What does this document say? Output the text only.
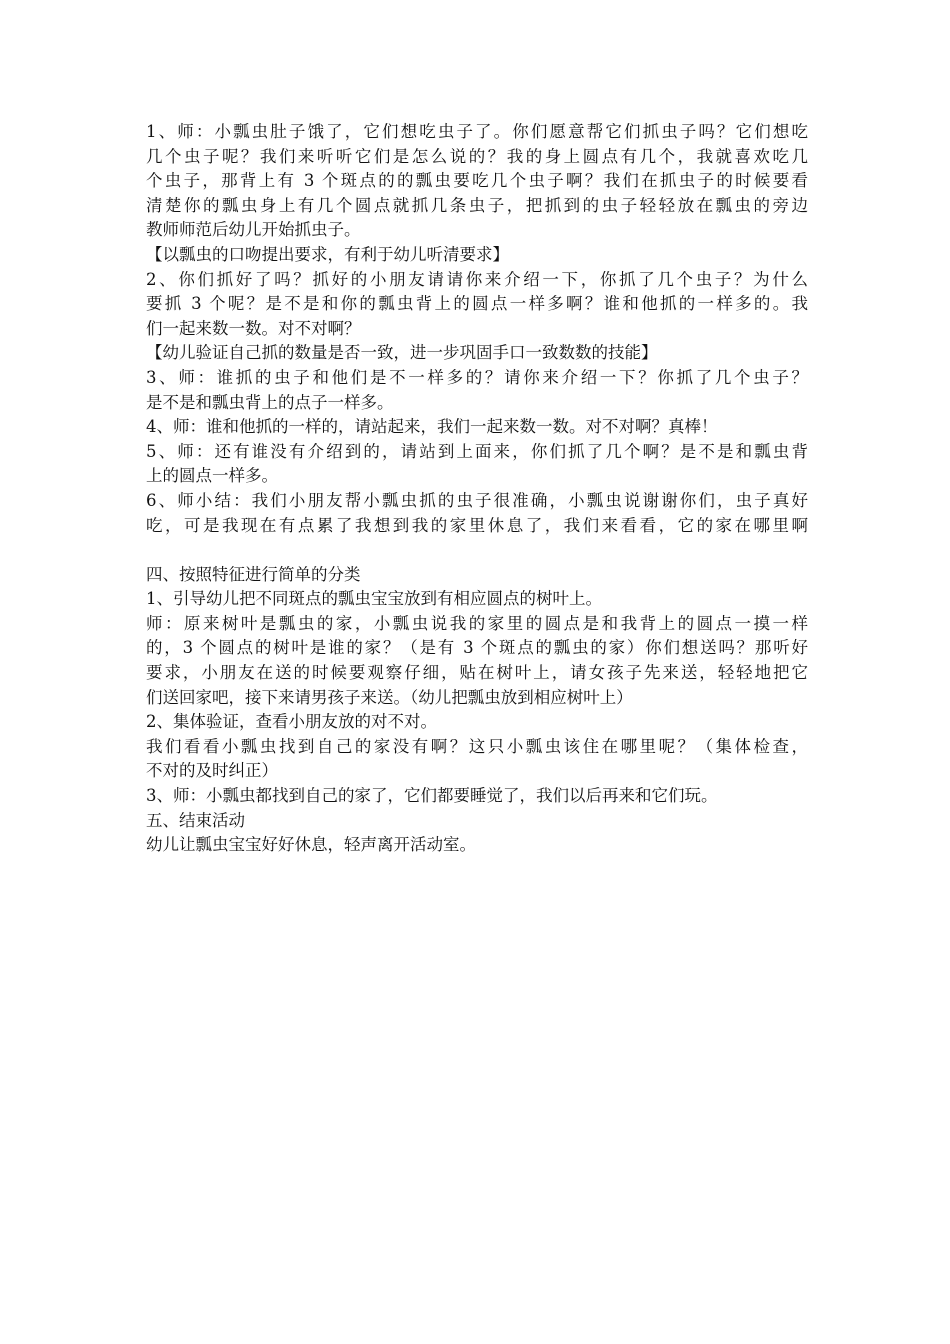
1、师：小瓢虫肚子饿了，它们想吃虫子了。你们愿意帮它们抓虫子吗？它们想吃
几个虫子呢？我们来听听它们是怎么说的？我的身上圆点有几个，我就喜欢吃几
个虫子，那背上有 3 个斑点的的瓢虫要吃几个虫子啊？我们在抓虫子的时候要看
清楚你的瓢虫身上有几个圆点就抓几条虫子，把抓到的虫子轻轻放在瓢虫的旁边
教师师范后幼儿开始抓虫子。
【以瓢虫的口吻提出要求，有利于幼儿听清要求】
2、你们抓好了吗？抓好的小朋友请请你来介绍一下，你抓了几个虫子？为什么
要抓 3 个呢？是不是和你的瓢虫背上的圆点一样多啊？谁和他抓的一样多的。我
们一起来数一数。对不对啊？
【幼儿验证自己抓的数量是否一致，进一步巩固手口一致数数的技能】
3、师：谁抓的虫子和他们是不一样多的？请你来介绍一下？你抓了几个虫子？
是不是和瓢虫背上的点子一样多。
4、师：谁和他抓的一样的，请站起来，我们一起来数一数。对不对啊？真棒！
5、师：还有谁没有介绍到的，请站到上面来，你们抓了几个啊？是不是和瓢虫背
上的圆点一样多。
6、师小结：我们小朋友帮小瓢虫抓的虫子很准确，小瓢虫说谢谢你们，虫子真好
吃，可是我现在有点累了我想到我的家里休息了，我们来看看，它的家在哪里啊
四、按照特征进行简单的分类
1、引导幼儿把不同斑点的瓢虫宝宝放到有相应圆点的树叶上。
师：原来树叶是瓢虫的家，小瓢虫说我的家里的圆点是和我背上的圆点一摸一样
的，3 个圆点的树叶是谁的家？（是有 3 个斑点的瓢虫的家）你们想送吗？那听好
要求，小朋友在送的时候要观察仔细，贴在树叶上，请女孩子先来送，轻轻地把它
们送回家吧，接下来请男孩子来送。（幼儿把瓢虫放到相应树叶上）
2、集体验证，查看小朋友放的对不对。
我们看看小瓢虫找到自己的家没有啊？这只小瓢虫该住在哪里呢？（集体检查，
不对的及时纠正）
3、师：小瓢虫都找到自己的家了，它们都要睡觉了，我们以后再来和它们玩。
五、结束活动
幼儿让瓢虫宝宝好好休息，轻声离开活动室。
